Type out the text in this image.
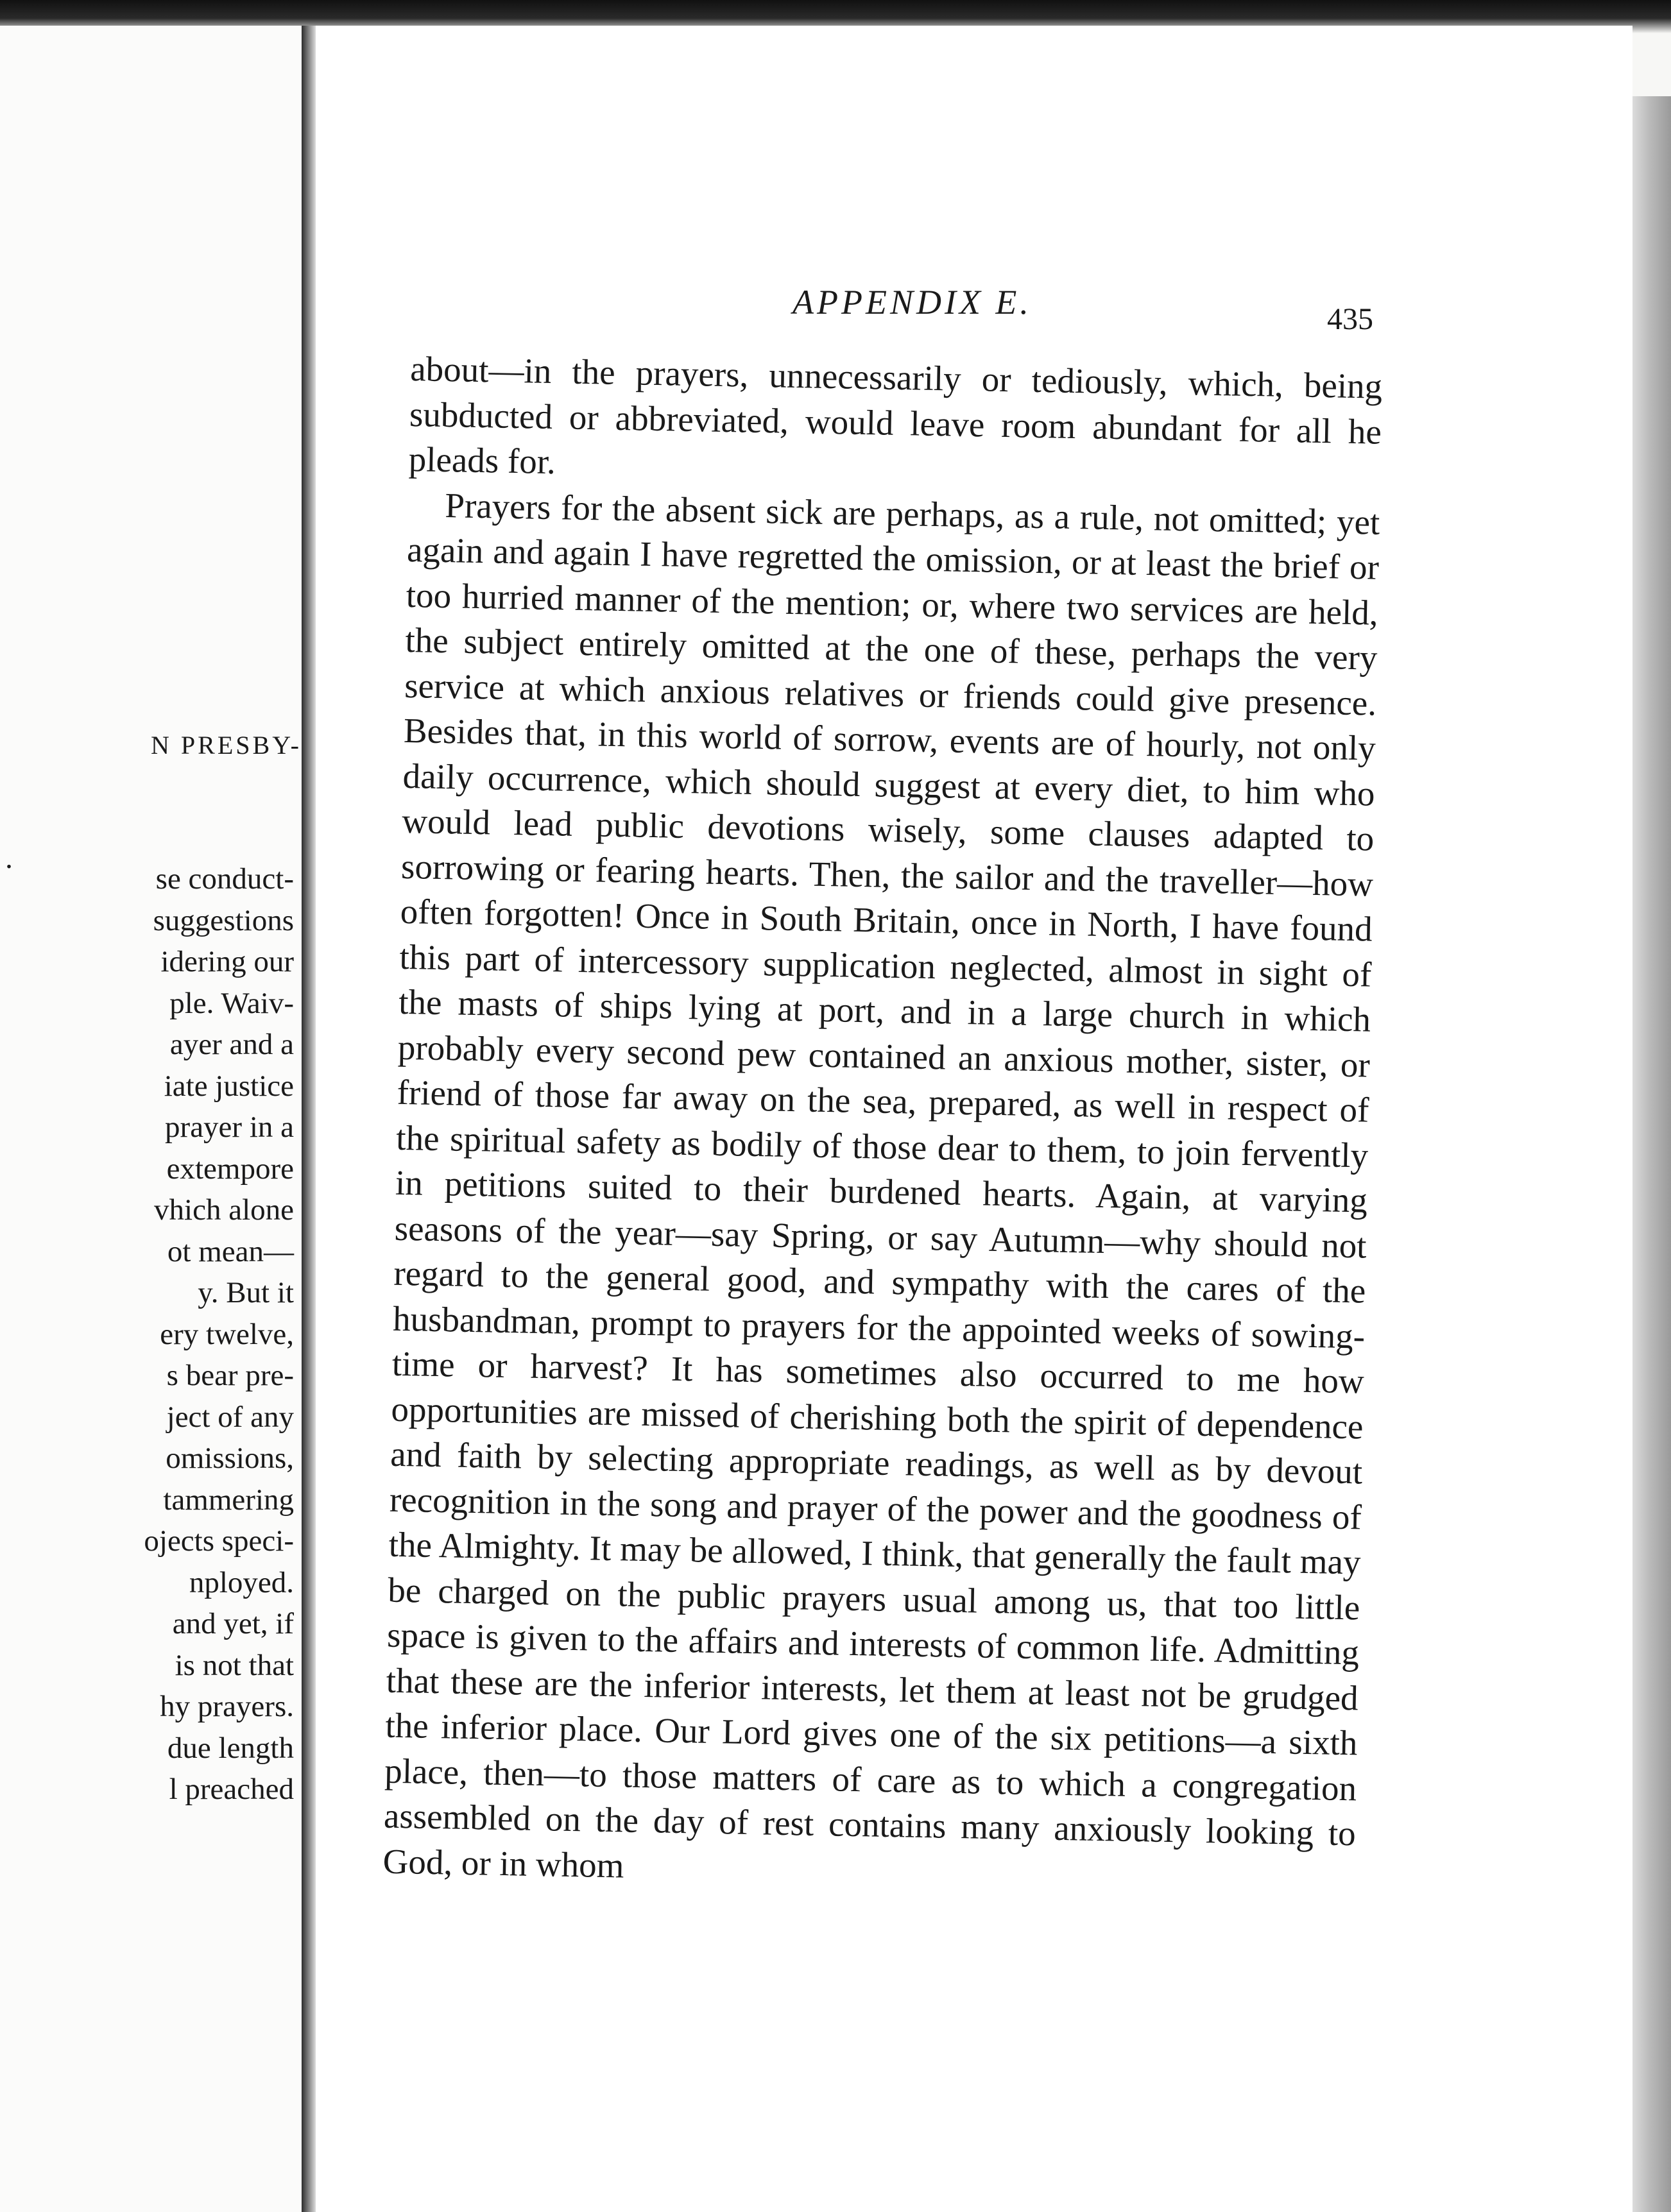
N PRESBY-
.
se conduct-
suggestions
idering our
ple. Waiv-
ayer and a
iate justice
prayer in a
extempore
vhich alone
ot mean—
y. But it
ery twelve,
s bear pre-
ject of any
omissions,
tammering
ojects speci-
nployed.
and yet, if
is not that
hy prayers.
due length
l preached
APPENDIX E.	435

about—in the prayers, unnecessarily or tediously, which, being subducted or abbreviated, would leave room abundant for all he pleads for.

Prayers for the absent sick are perhaps, as a rule, not omitted; yet again and again I have regretted the omission, or at least the brief or too hurried manner of the mention; or, where two services are held, the subject entirely omitted at the one of these, perhaps the very service at which anxious relatives or friends could give presence. Besides that, in this world of sorrow, events are of hourly, not only daily occurrence, which should suggest at every diet, to him who would lead public devotions wisely, some clauses adapted to sorrowing or fearing hearts. Then, the sailor and the traveller—how often forgotten! Once in South Britain, once in North, I have found this part of intercessory supplication neglected, almost in sight of the masts of ships lying at port, and in a large church in which probably every second pew contained an anxious mother, sister, or friend of those far away on the sea, prepared, as well in respect of the spiritual safety as bodily of those dear to them, to join fervently in petitions suited to their burdened hearts. Again, at varying seasons of the year—say Spring, or say Autumn—why should not regard to the general good, and sympathy with the cares of the husbandman, prompt to prayers for the appointed weeks of sowing-time or harvest? It has sometimes also occurred to me how opportunities are missed of cherishing both the spirit of dependence and faith by selecting appropriate readings, as well as by devout recognition in the song and prayer of the power and the goodness of the Almighty. It may be allowed, I think, that generally the fault may be charged on the public prayers usual among us, that too little space is given to the affairs and interests of common life. Admitting that these are the inferior interests, let them at least not be grudged the inferior place. Our Lord gives one of the six petitions—a sixth place, then—to those matters of care as to which a congregation assembled on the day of rest contains many anxiously looking to God, or in whom
